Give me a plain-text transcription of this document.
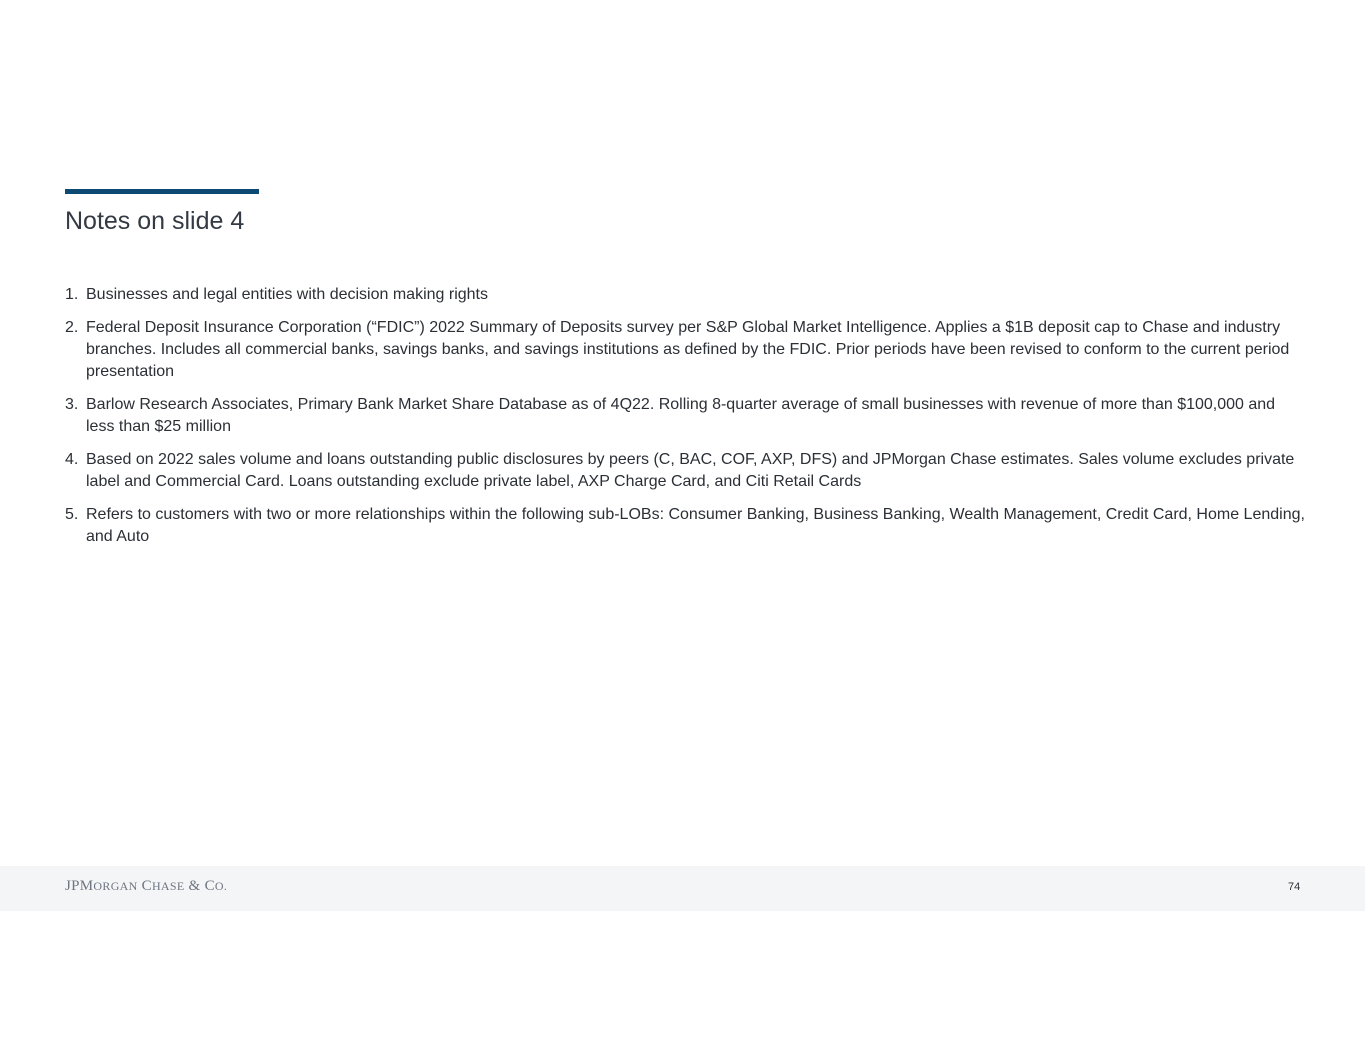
Notes on slide 4
1. Businesses and legal entities with decision making rights
2. Federal Deposit Insurance Corporation (“FDIC”) 2022 Summary of Deposits survey per S&P Global Market Intelligence. Applies a $1B deposit cap to Chase and industry branches. Includes all commercial banks, savings banks, and savings institutions as defined by the FDIC. Prior periods have been revised to conform to the current period presentation
3. Barlow Research Associates, Primary Bank Market Share Database as of 4Q22. Rolling 8-quarter average of small businesses with revenue of more than $100,000 and less than $25 million
4. Based on 2022 sales volume and loans outstanding public disclosures by peers (C, BAC, COF, AXP, DFS) and JPMorgan Chase estimates. Sales volume excludes private label and Commercial Card. Loans outstanding exclude private label, AXP Charge Card, and Citi Retail Cards
5. Refers to customers with two or more relationships within the following sub-LOBs: Consumer Banking, Business Banking, Wealth Management, Credit Card, Home Lending, and Auto
JPMORGAN CHASE & CO.	74
